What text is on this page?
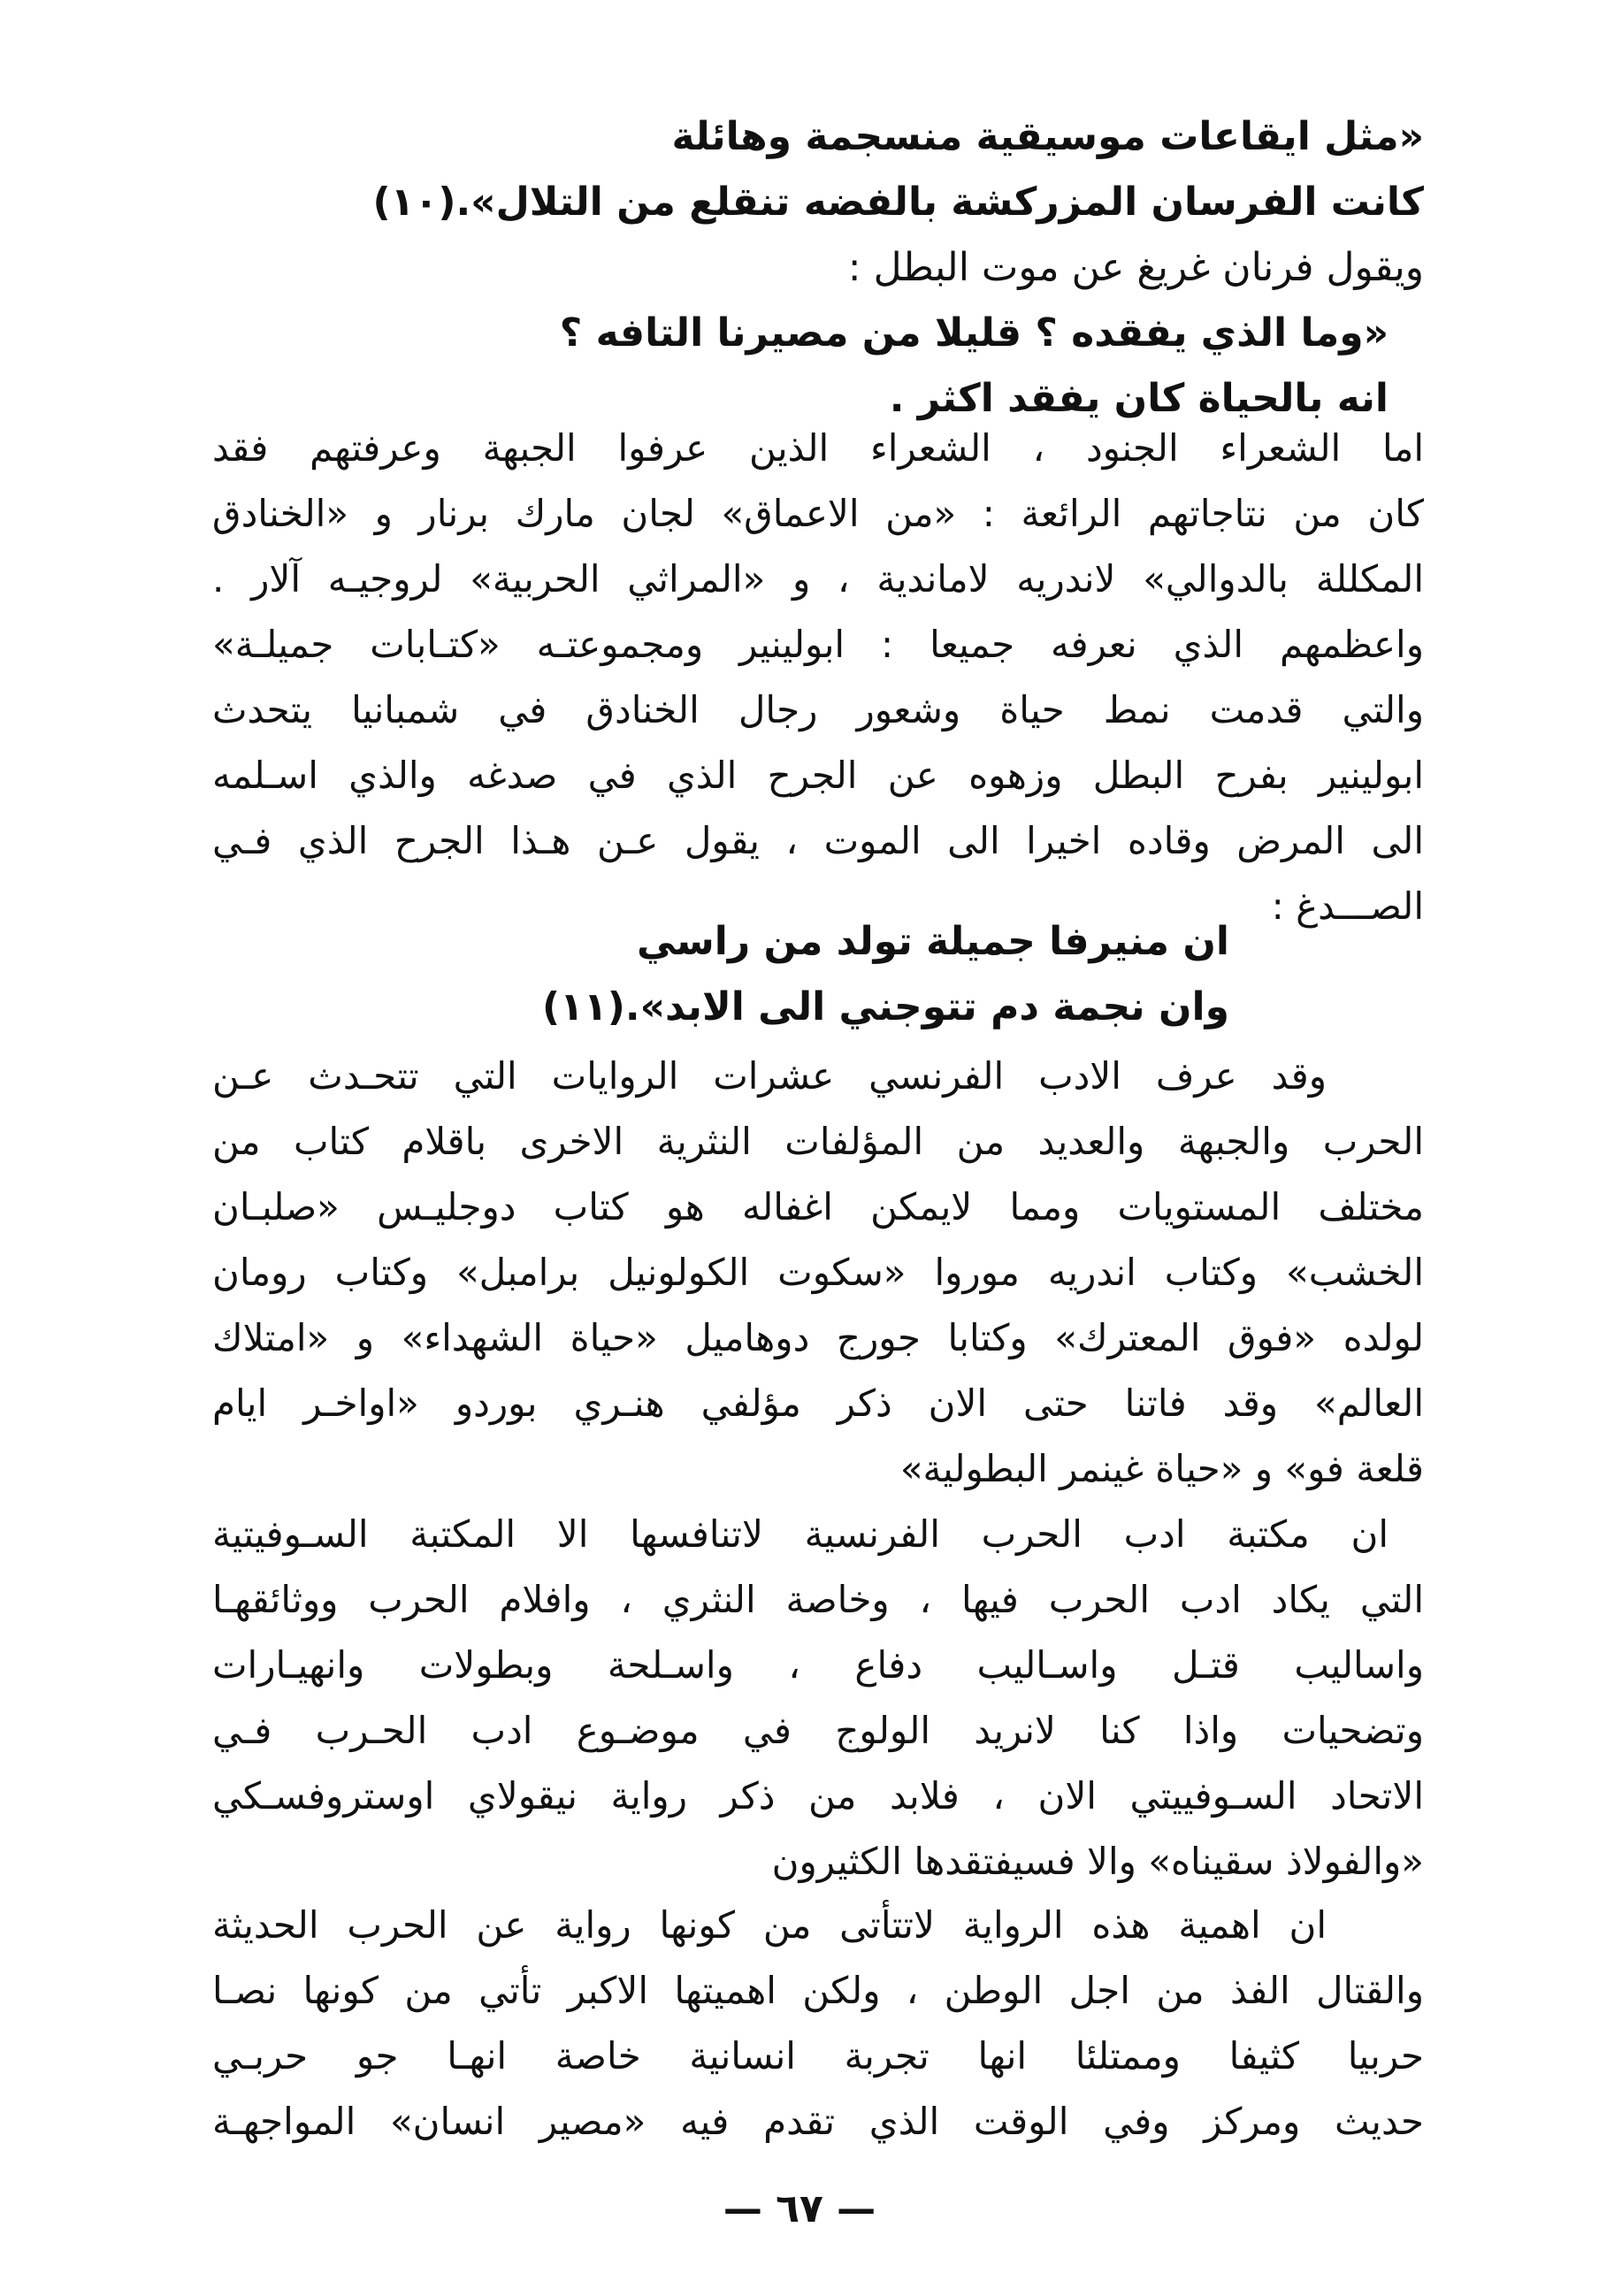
«مثل ايقاعات موسيقية منسجمة وهائلة
كانت الفرسان المزركشة بالفضه تنقلع من التلال».(١٠)
ويقول فرنان غريغ عن موت البطل :
«وما الذي يفقده ؟ قليلا من مصيرنا التافه ؟
انه بالحياة كان يفقد اكثر .
اما الشعراء الجنود ، الشعراء الذين عرفوا الجبهة وعرفتهم فقد
كان من نتاجاتهم الرائعة : «من الاعماق» لجان مارك برنار و «الخنادق
المكللة بالدوالي» لاندريه لاماندية ، و «المراثي الحربية» لروجيـه آلار .
واعظمهم الذي نعرفه جميعا : ابولينير ومجموعتـه «كتـابات جميلـة»
والتي قدمت نمط حياة وشعور رجال الخنادق في شمبانيا يتحدث
ابولينير بفرح البطل وزهوه عن الجرح الذي في صدغه والذي اسـلمه
الى المرض وقاده اخيرا الى الموت ، يقول عـن هـذا الجرح الذي فـي
الصـــدغ :
ان منيرفا جميلة تولد من راسي
وان نجمة دم تتوجني الى الابد».(١١)
وقد عرف الادب الفرنسي عشرات الروايات التي تتحـدث عـن
الحرب والجبهة والعديد من المؤلفات النثرية الاخرى باقلام كتاب من
مختلف المستويات ومما لايمكن اغفاله هو كتاب دوجليـس «صلبـان
الخشب» وكتاب اندريه موروا «سكوت الكولونيل برامبل» وكتاب رومان
لولده «فوق المعترك» وكتابا جورج دوهاميل «حياة الشهداء» و «امتلاك
العالم» وقد فاتنا حتى الان ذكر مؤلفي هنـري بوردو «اواخـر ايام
قلعة فو» و «حياة غينمر البطولية»
ان مكتبة ادب الحرب الفرنسية لاتنافسها الا المكتبة السـوفيتية
التي يكاد ادب الحرب فيها ، وخاصة النثري ، وافلام الحرب ووثائقهـا
واساليب قتـل واسـاليب دفاع ، واسـلحة وبطولات وانهيـارات
وتضحيات واذا كنا لانريد الولوج في موضـوع ادب الحـرب فـي
الاتحاد السـوفييتي الان ، فلابد من ذكر رواية نيقولاي اوستروفسـكي
«والفولاذ سقيناه» والا فسيفتقدها الكثيرون
ان اهمية هذه الرواية لاتتأتى من كونها رواية عن الحرب الحديثة
والقتال الفذ من اجل الوطن ، ولكن اهميتها الاكبر تأتي من كونها نصـا
حربيا كثيفا وممتلئا انها تجربة انسانية خاصة انهـا جو حربـي
حديث ومركز وفي الوقت الذي تقدم فيه «مصير انسان» المواجهـة
— ٦٧ —
